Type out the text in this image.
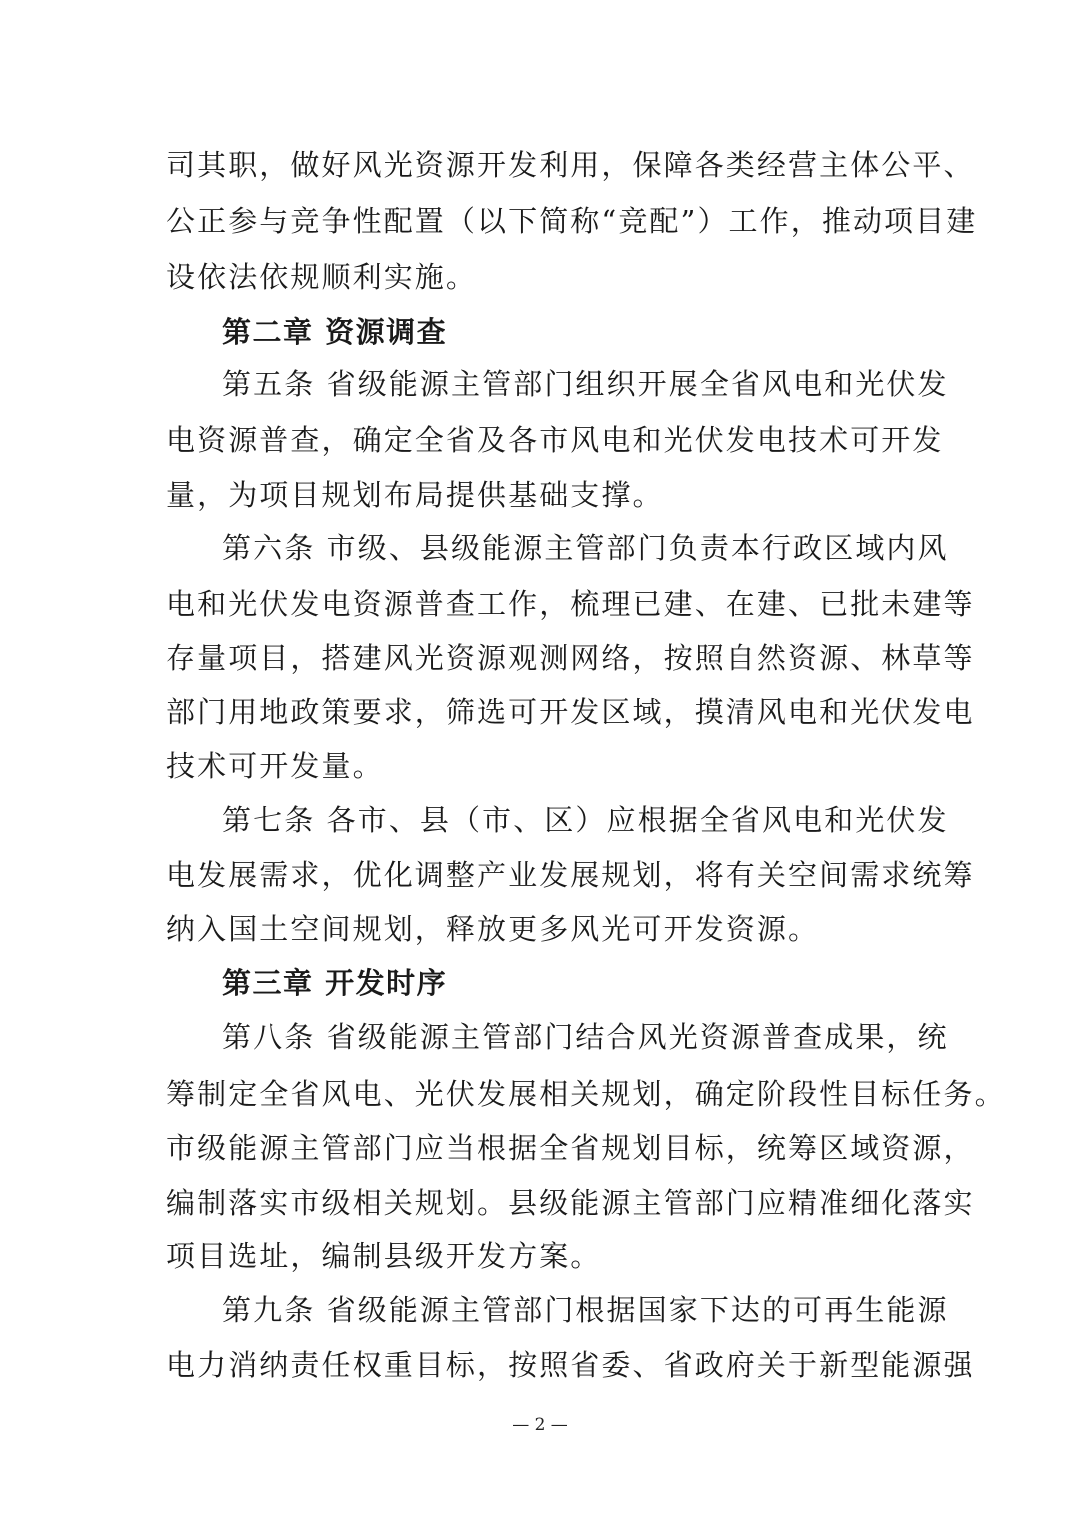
司其职，做好风光资源开发利用，保障各类经营主体公平、
公正参与竞争性配置（以下简称“竞配”）工作，推动项目建
设依法依规顺利实施。
第二章 资源调查
第五条 省级能源主管部门组织开展全省风电和光伏发
电资源普查，确定全省及各市风电和光伏发电技术可开发
量，为项目规划布局提供基础支撑。
第六条 市级、县级能源主管部门负责本行政区域内风
电和光伏发电资源普查工作，梳理已建、在建、已批未建等
存量项目，搭建风光资源观测网络，按照自然资源、林草等
部门用地政策要求，筛选可开发区域，摸清风电和光伏发电
技术可开发量。
第七条 各市、县（市、区）应根据全省风电和光伏发
电发展需求，优化调整产业发展规划，将有关空间需求统筹
纳入国土空间规划，释放更多风光可开发资源。
第三章 开发时序
第八条 省级能源主管部门结合风光资源普查成果，统
筹制定全省风电、光伏发展相关规划，确定阶段性目标任务。
市级能源主管部门应当根据全省规划目标，统筹区域资源，
编制落实市级相关规划。县级能源主管部门应精准细化落实
项目选址，编制县级开发方案。
第九条 省级能源主管部门根据国家下达的可再生能源
电力消纳责任权重目标，按照省委、省政府关于新型能源强
— 2 —
